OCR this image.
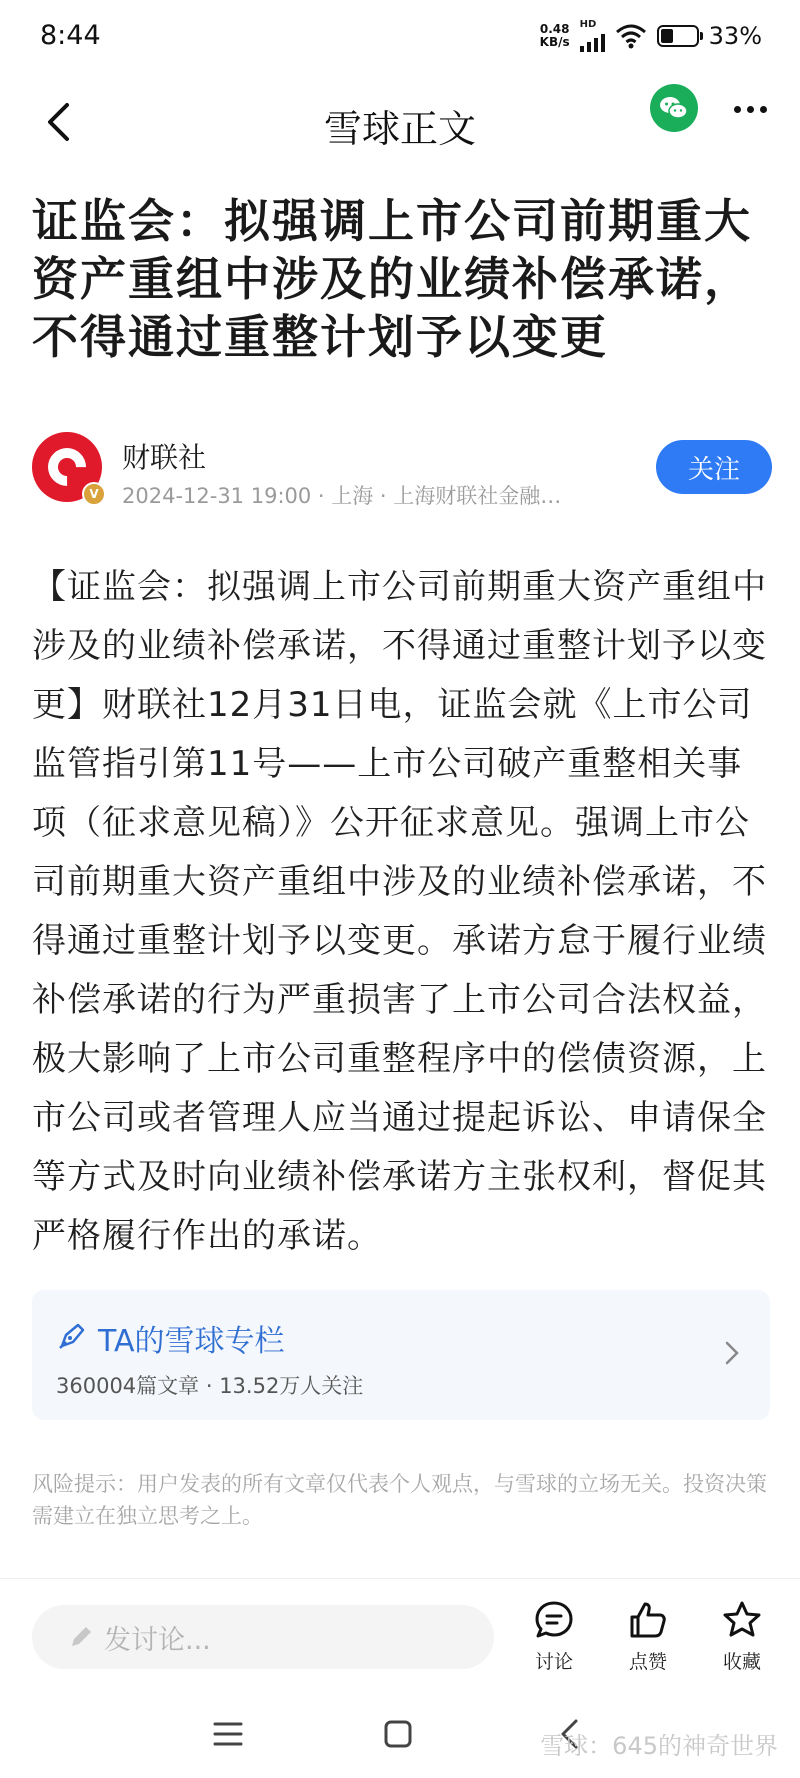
8:44	0.48
KB/s
HD	33%
雪球正文
证监会：拟强调上市公司前期重大资产重组中涉及的业绩补偿承诺，不得通过重整计划予以变更
V
财联社
2024-12-31 19:00 · 上海 · 上海财联社金融…
关注
【证监会：拟强调上市公司前期重大资产重组中涉及的业绩补偿承诺，不得通过重整计划予以变更】财联社12月31日电，证监会就《上市公司监管指引第11号——上市公司破产重整相关事项（征求意见稿）》公开征求意见。强调上市公司前期重大资产重组中涉及的业绩补偿承诺，不得通过重整计划予以变更。承诺方怠于履行业绩补偿承诺的行为严重损害了上市公司合法权益，极大影响了上市公司重整程序中的偿债资源，上市公司或者管理人应当通过提起诉讼、申请保全等方式及时向业绩补偿承诺方主张权利，督促其严格履行作出的承诺。
TA的雪球专栏
360004篇文章 · 13.52万人关注
风险提示：用户发表的所有文章仅代表个人观点，与雪球的立场无关。投资决策需建立在独立思考之上。
发讨论...
讨论	点赞	收藏
雪球：645的神奇世界
